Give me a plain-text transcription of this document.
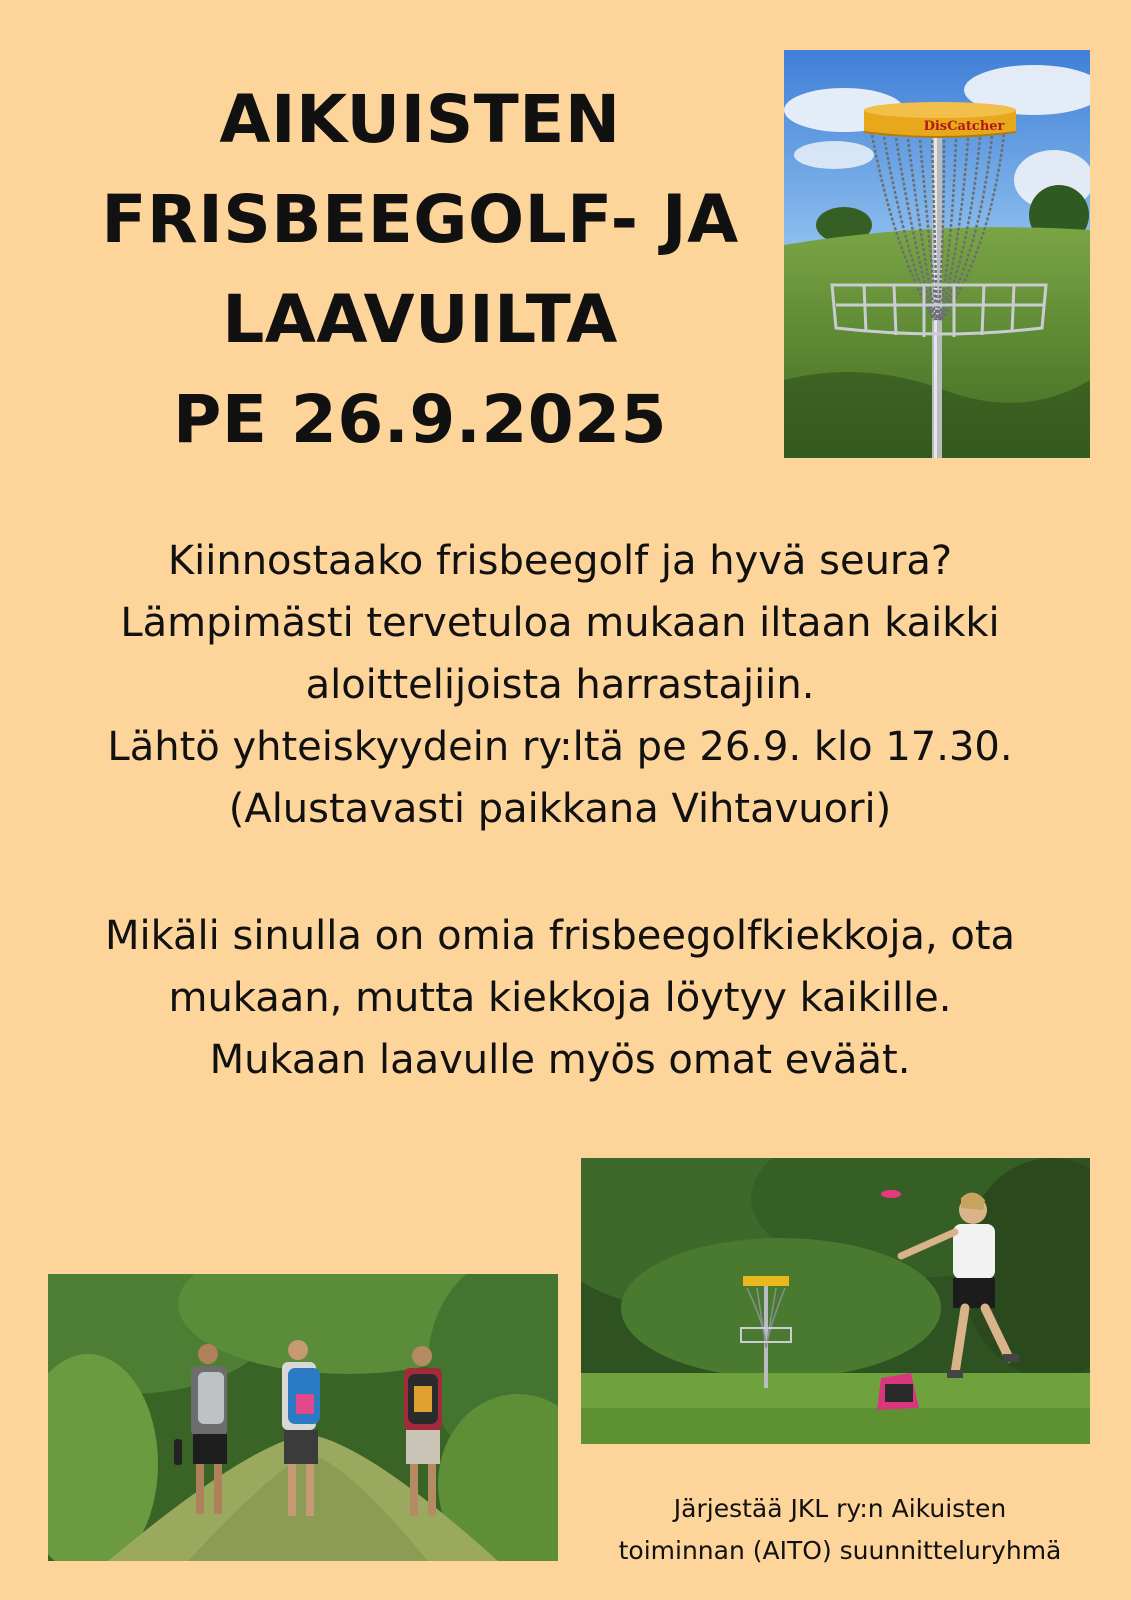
AIKUISTEN
FRISBEEGOLF- JA
LAAVUILTA
PE 26.9.2025
DisCatcher
Kiinnostaako frisbeegolf ja hyvä seura?
Lämpimästi tervetuloa mukaan iltaan kaikki
aloittelijoista harrastajiin.
Lähtö yhteiskyydein ry:ltä pe 26.9. klo 17.30.
(Alustavasti paikkana Vihtavuori)
Mikäli sinulla on omia frisbeegolfkiekkoja, ota
mukaan, mutta kiekkoja löytyy kaikille.
Mukaan laavulle myös omat eväät.
Järjestää JKL ry:n Aikuisten
toiminnan (AITO) suunnitteluryhmä
